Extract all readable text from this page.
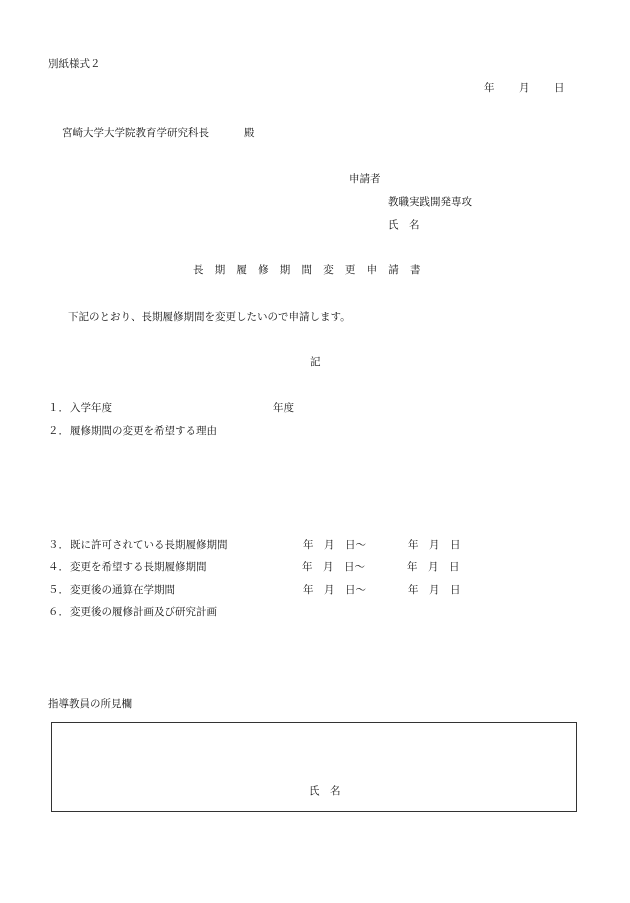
別紙様式２
年 月 日
宮崎大学大学院教育学研究科長	殿
申請者
教職実践開発専攻
氏　名
長期履修期間変更申請書
下記のとおり、長期履修期間を変更したいので申請します。
記
１． 入学年度	年度
２． 履修期間の変更を希望する理由
３． 既に許可されている長期履修期間	年　月　日～	年　月　日
４． 変更を希望する長期履修期間	年　月　日～	年　月　日
５． 変更後の通算在学期間	年　月　日～	年　月　日
６． 変更後の履修計画及び研究計画
指導教員の所見欄
氏　名
